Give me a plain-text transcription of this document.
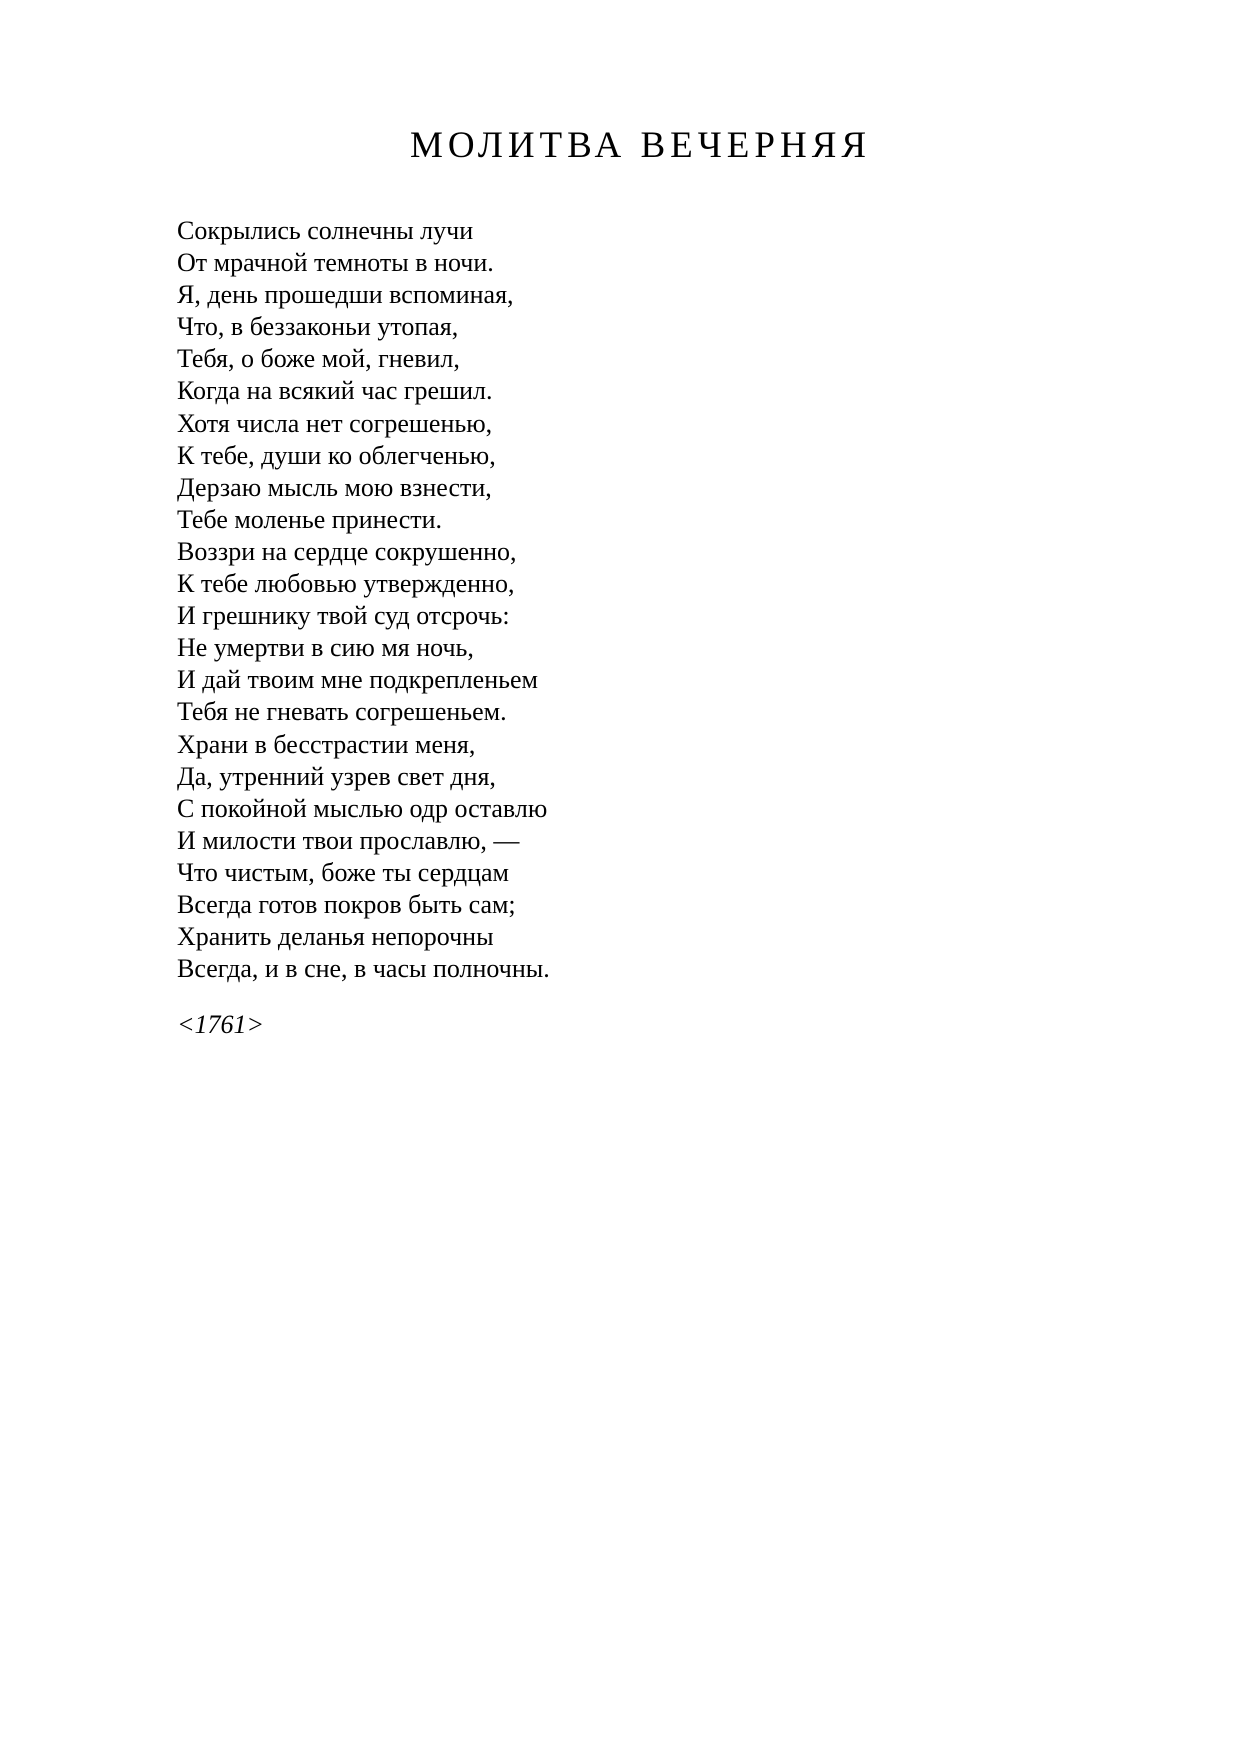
МОЛИТВА ВЕЧЕРНЯЯ
Сокрылись солнечны лучи
От мрачной темноты в ночи.
Я, день прошедши вспоминая,
Что, в беззаконьи утопая,
Тебя, о боже мой, гневил,
Когда на всякий час грешил.
Хотя числа нет согрешенью,
К тебе, души ко облегченью,
Дерзаю мысль мою взнести,
Тебе моленье принести.
Воззри на сердце сокрушенно,
К тебе любовью утвержденно,
И грешнику твой суд отсрочь:
Не умертви в сию мя ночь,
И дай твоим мне подкрепленьем
Тебя не гневать согрешеньем.
Храни в бесстрастии меня,
Да, утренний узрев свет дня,
С покойной мыслью одр оставлю
И милости твои прославлю, —
Что чистым, боже ты сердцам
Всегда готов покров быть сам;
Хранить деланья непорочны
Всегда, и в сне, в часы полночны.
<1761>
